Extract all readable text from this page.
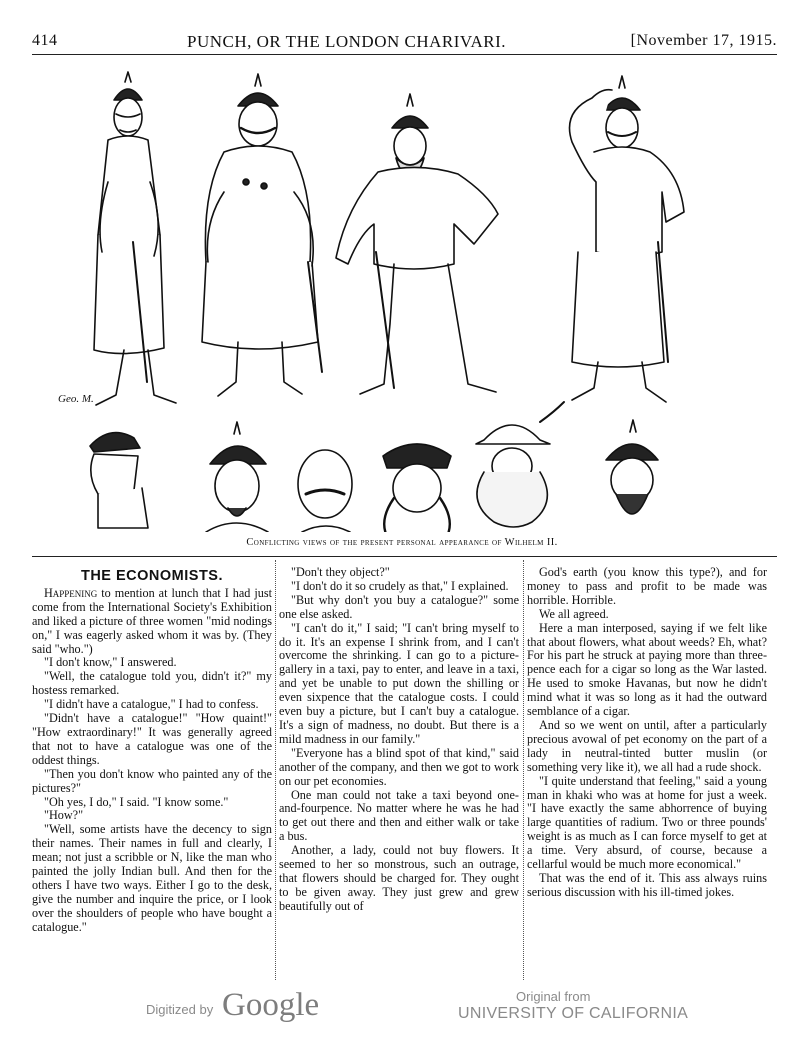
414	PUNCH, OR THE LONDON CHARIVARI.	[November 17, 1915.
Geo. M.
Conflicting views of the present personal appearance of Wilhelm II.
THE ECONOMISTS.

Happening to mention at lunch that I had just come from the International Society's Exhibition and liked a picture of three women "mid nodings on," I was eagerly asked whom it was by. (They said "who.")

"I don't know," I answered.

"Well, the catalogue told you, didn't it?" my hostess remarked.

"I didn't have a catalogue," I had to confess.

"Didn't have a catalogue!" "How quaint!" "How extraordinary!" It was generally agreed that not to have a catalogue was one of the oddest things.

"Then you don't know who painted any of the pictures?"

"Oh yes, I do," I said. "I know some."

"How?"

"Well, some artists have the decency to sign their names. Their names in full and clearly, I mean; not just a scribble or N, like the man who painted the jolly Indian bull. And then for the others I have two ways. Either I go to the desk, give the number and inquire the price, or I look over the shoulders of people who have bought a catalogue."

"Don't they object?"

"I don't do it so crudely as that," I explained.

"But why don't you buy a catalogue?" some one else asked.

"I can't do it," I said; "I can't bring myself to do it. It's an expense I shrink from, and I can't overcome the shrinking. I can go to a picture-gallery in a taxi, pay to enter, and leave in a taxi, and yet be unable to put down the shilling or even sixpence that the catalogue costs. I could even buy a picture, but I can't buy a catalogue. It's a sign of madness, no doubt. But there is a mild madness in our family."

"Everyone has a blind spot of that kind," said another of the company, and then we got to work on our pet economies.

One man could not take a taxi beyond one-and-fourpence. No matter where he was he had to get out there and then and either walk or take a bus.

Another, a lady, could not buy flowers. It seemed to her so monstrous, such an outrage, that flowers should be charged for. They ought to be given away. They just grew and grew beautifully out of

God's earth (you know this type?), and for money to pass and profit to be made was horrible. Horrible.

We all agreed.

Here a man interposed, saying if we felt like that about flowers, what about weeds? Eh, what? For his part he struck at paying more than three-pence each for a cigar so long as the War lasted. He used to smoke Havanas, but now he didn't mind what it was so long as it had the outward semblance of a cigar.

And so we went on until, after a particularly precious avowal of pet economy on the part of a lady in neutral-tinted butter muslin (or something very like it), we all had a rude shock.

"I quite understand that feeling," said a young man in khaki who was at home for just a week. "I have exactly the same abhorrence of buying large quantities of radium. Two or three pounds' weight is as much as I can force myself to get at a time. Very absurd, of course, because a cellarful would be much more economical."

That was the end of it. This ass always ruins serious discussion with his ill-timed jokes.

Digitized by Google	Original from
UNIVERSITY OF CALIFORNIA
